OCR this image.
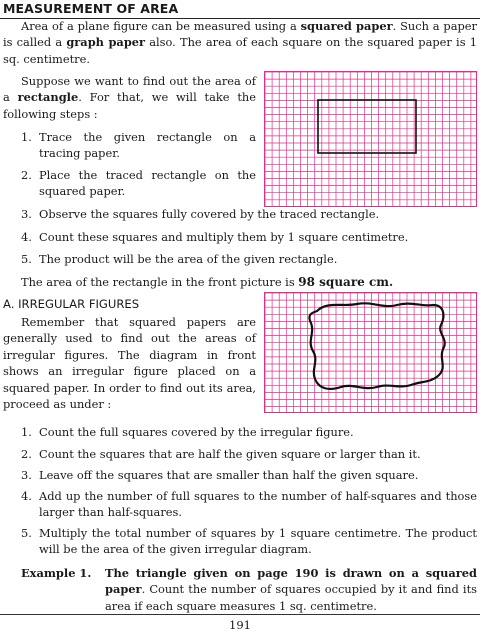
MEASUREMENT OF AREA
Area of a plane figure can be measured using a squared paper. Such a paper is called a graph paper also. The area of each square on the squared paper is 1 sq. centimetre.
Suppose we want to find out the area of a rectangle. For that, we will take the following steps :
1. Trace the given rectangle on a tracing paper.
2. Place the traced rectangle on the squared paper.
3. Observe the squares fully covered by the traced rectangle.
4. Count these squares and multiply them by 1 square centimetre.
5. The product will be the area of the given rectangle.
The area of the rectangle in the front picture is 98 square cm.
A. IRREGULAR FIGURES
Remember that squared papers are generally used to find out the areas of irregular figures. The diagram in front shows an irregular figure placed on a squared paper. In order to find out its area, proceed as under :
1. Count the full squares covered by the irregular figure.
2. Count the squares that are half the given square or larger than it.
3. Leave off the squares that are smaller than half the given square.
4. Add up the number of full squares to the number of half-squares and those larger than half-squares.
5. Multiply the total number of squares by 1 square centimetre. The product will be the area of the given irregular diagram.
Example 1. The triangle given on page 190 is drawn on a squared paper. Count the number of squares occupied by it and find its area if each square measures 1 sq. centimetre.
191
